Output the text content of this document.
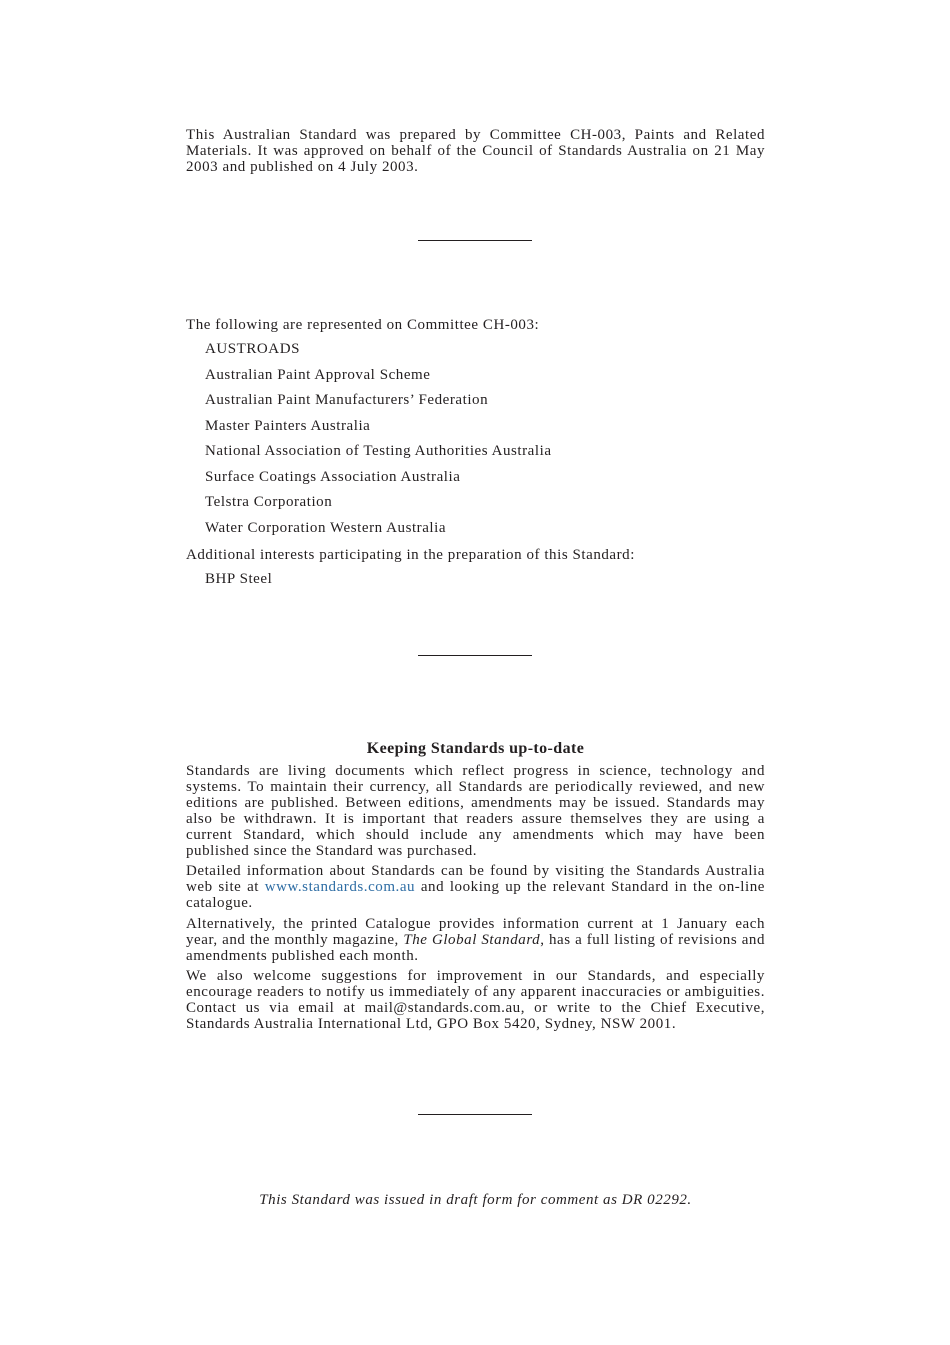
This Australian Standard was prepared by Committee CH-003, Paints and Related Materials. It was approved on behalf of the Council of Standards Australia on 21 May 2003 and published on 4 July 2003.

The following are represented on Committee CH-003:

AUSTROADS
Australian Paint Approval Scheme
Australian Paint Manufacturers’ Federation
Master Painters Australia
National Association of Testing Authorities Australia
Surface Coatings Association Australia
Telstra Corporation
Water Corporation Western Australia

Additional interests participating in the preparation of this Standard:

BHP Steel
Keeping Standards up-to-date

Standards are living documents which reflect progress in science, technology and systems. To maintain their currency, all Standards are periodically reviewed, and new editions are published. Between editions, amendments may be issued. Standards may also be withdrawn. It is important that readers assure themselves they are using a current Standard, which should include any amendments which may have been published since the Standard was purchased.

Detailed information about Standards can be found by visiting the Standards Australia web site at www.standards.com.au and looking up the relevant Standard in the on-line catalogue.

Alternatively, the printed Catalogue provides information current at 1 January each year, and the monthly magazine, The Global Standard, has a full listing of revisions and amendments published each month.

We also welcome suggestions for improvement in our Standards, and especially encourage readers to notify us immediately of any apparent inaccuracies or ambiguities. Contact us via email at mail@standards.com.au, or write to the Chief Executive, Standards Australia International Ltd, GPO Box 5420, Sydney, NSW 2001.

This Standard was issued in draft form for comment as DR 02292.
